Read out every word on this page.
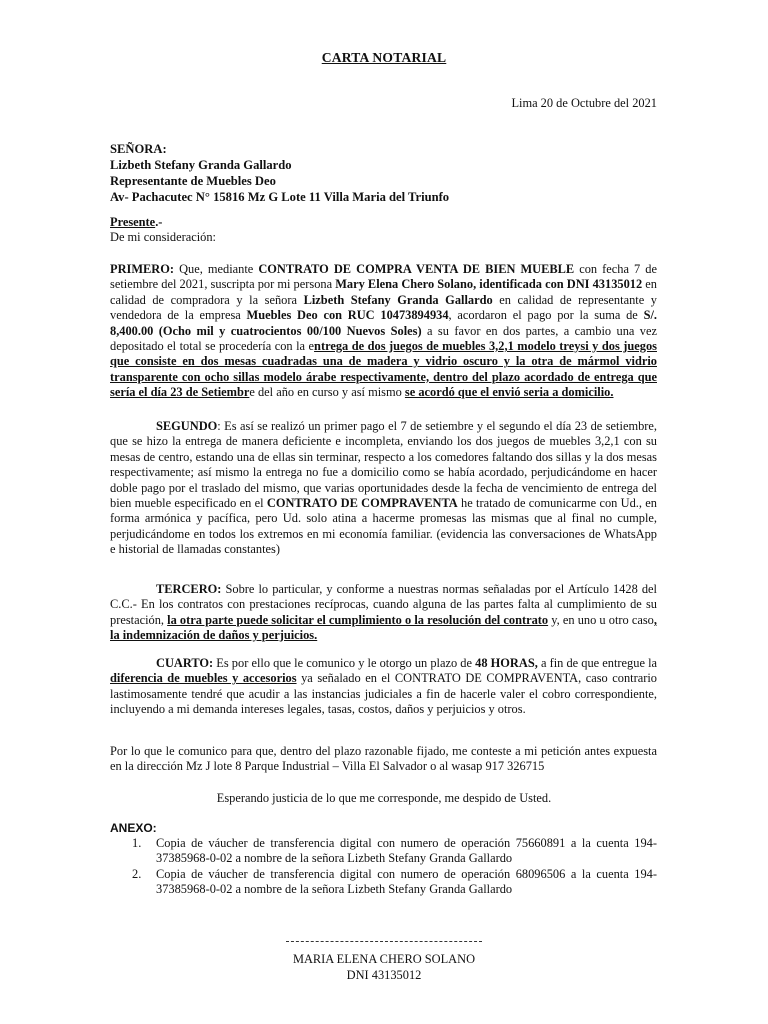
CARTA NOTARIAL
Lima 20 de Octubre del 2021
SEÑORA:
Lizbeth Stefany Granda Gallardo
Representante de Muebles Deo
Av- Pachacutec N° 15816 Mz G Lote 11 Villa Maria del Triunfo
Presente.-
De mi consideración:

PRIMERO: Que, mediante CONTRATO DE COMPRA VENTA DE BIEN MUEBLE con fecha 7 de setiembre del 2021, suscripta por mi persona Mary Elena Chero Solano, identificada con DNI 43135012 en calidad de compradora y la señora Lizbeth Stefany Granda Gallardo en calidad de representante y vendedora de la empresa Muebles Deo con RUC 10473894934, acordaron el pago por la suma de S/. 8,400.00 (Ocho mil y cuatrocientos 00/100 Nuevos Soles) a su favor en dos partes, a cambio una vez depositado el total se procedería con la entrega de dos juegos de muebles 3,2,1 modelo treysi y dos juegos que consiste en dos mesas cuadradas una de madera y vidrio oscuro y la otra de mármol vidrio transparente con ocho sillas modelo árabe respectivamente, dentro del plazo acordado de entrega que sería el día 23 de Setiembre del año en curso y así mismo se acordó que el envió seria a domicilio.

SEGUNDO: Es así se realizó un primer pago el 7 de setiembre y el segundo el día 23 de setiembre, que se hizo la entrega de manera deficiente e incompleta, enviando los dos juegos de muebles 3,2,1 con su mesas de centro, estando una de ellas sin terminar, respecto a los comedores faltando dos sillas y la dos mesas respectivamente; así mismo la entrega no fue a domicilio como se había acordado, perjudicándome en hacer doble pago por el traslado del mismo, que varias oportunidades desde la fecha de vencimiento de entrega del bien mueble especificado en el CONTRATO DE COMPRAVENTA he tratado de comunicarme con Ud., en forma armónica y pacífica, pero Ud. solo atina a hacerme promesas las mismas que al final no cumple, perjudicándome en todos los extremos en mi economía familiar. (evidencia las conversaciones de WhatsApp e historial de llamadas constantes)

TERCERO: Sobre lo particular, y conforme a nuestras normas señaladas por el Artículo 1428 del C.C.- En los contratos con prestaciones recíprocas, cuando alguna de las partes falta al cumplimiento de su prestación, la otra parte puede solicitar el cumplimiento o la resolución del contrato y, en uno u otro caso, la indemnización de daños y perjuicios.

CUARTO: Es por ello que le comunico y le otorgo un plazo de 48 HORAS, a fin de que entregue la diferencia de muebles y accesorios ya señalado en el CONTRATO DE COMPRAVENTA, caso contrario lastimosamente tendré que acudir a las instancias judiciales a fin de hacerle valer el cobro correspondiente, incluyendo a mi demanda intereses legales, tasas, costos, daños y perjuicios y otros.

Por lo que le comunico para que, dentro del plazo razonable fijado, me conteste a mi petición antes expuesta en la dirección Mz J lote 8 Parque Industrial – Villa El Salvador o al wasap 917 326715

Esperando justicia de lo que me corresponde, me despido de Usted.
ANEXO:
1. Copia de váucher de transferencia digital con numero de operación 75660891 a la cuenta 194-37385968-0-02 a nombre de la señora Lizbeth Stefany Granda Gallardo
2. Copia de váucher de transferencia digital con numero de operación 68096506 a la cuenta 194-37385968-0-02 a nombre de la señora Lizbeth Stefany Granda Gallardo
MARIA ELENA CHERO SOLANO
DNI 43135012
